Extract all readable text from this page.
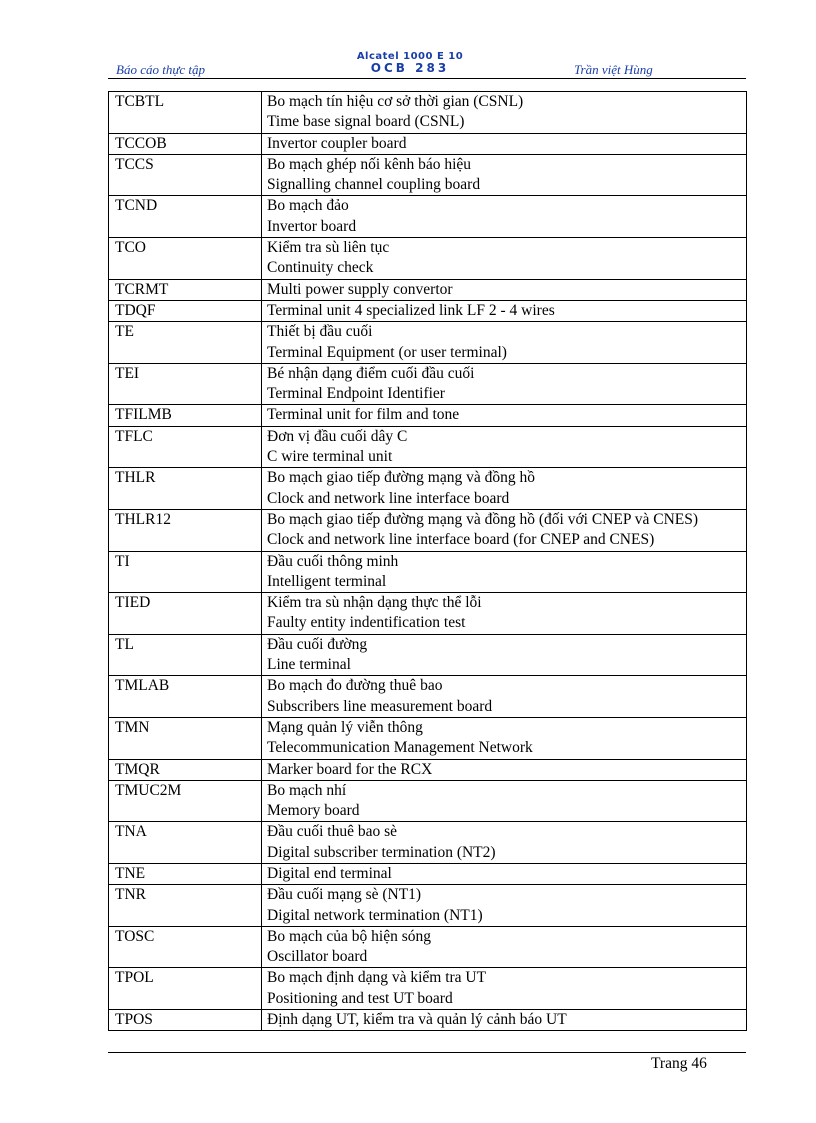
Báo cáo thực tập
Alcatel 1000 E 10
OCB 283	Trần việt Hùng
TCBTL	Bo mạch tín hiệu cơ sở thời gian (CSNL)
Time base signal board (CSNL)

TCCOB	Invertor coupler board

TCCS	Bo mạch ghép nối kênh báo hiệu
Signalling channel coupling board

TCND	Bo mạch đảo
Invertor board

TCO	Kiểm tra sù liên tục
Continuity check

TCRMT	Multi power supply convertor

TDQF	Terminal unit 4 specialized link LF 2 - 4 wires

TE	Thiết bị đầu cuối
Terminal Equipment (or user terminal)

TEI	Bé nhận dạng điểm cuối đầu cuối
Terminal Endpoint Identifier

TFILMB	Terminal unit for film and tone

TFLC	Đơn vị đầu cuối dây C
C wire terminal unit

THLR	Bo mạch giao tiếp đường mạng và đồng hồ
Clock and network line interface board

THLR12	Bo mạch giao tiếp đường mạng và đồng hồ (đối với CNEP và CNES)
Clock and network line interface board (for CNEP and CNES)

TI	Đầu cuối thông minh
Intelligent terminal

TIED	Kiểm tra sù nhận dạng thực thể lỗi
Faulty entity indentification test

TL	Đầu cuối đường
Line terminal

TMLAB	Bo mạch đo đường thuê bao
Subscribers line measurement board

TMN	Mạng quản lý viễn thông
Telecommunication Management Network

TMQR	Marker board for the RCX

TMUC2M	Bo mạch nhí
Memory board

TNA	Đầu cuối thuê bao sè
Digital subscriber termination (NT2)

TNE	Digital end terminal

TNR	Đầu cuối mạng sè (NT1)
Digital network termination (NT1)

TOSC	Bo mạch của bộ hiện sóng
Oscillator board

TPOL	Bo mạch định dạng và kiểm tra UT
Positioning and test UT board

TPOS	Định dạng UT, kiểm tra và quản lý cảnh báo UT
Trang 46
